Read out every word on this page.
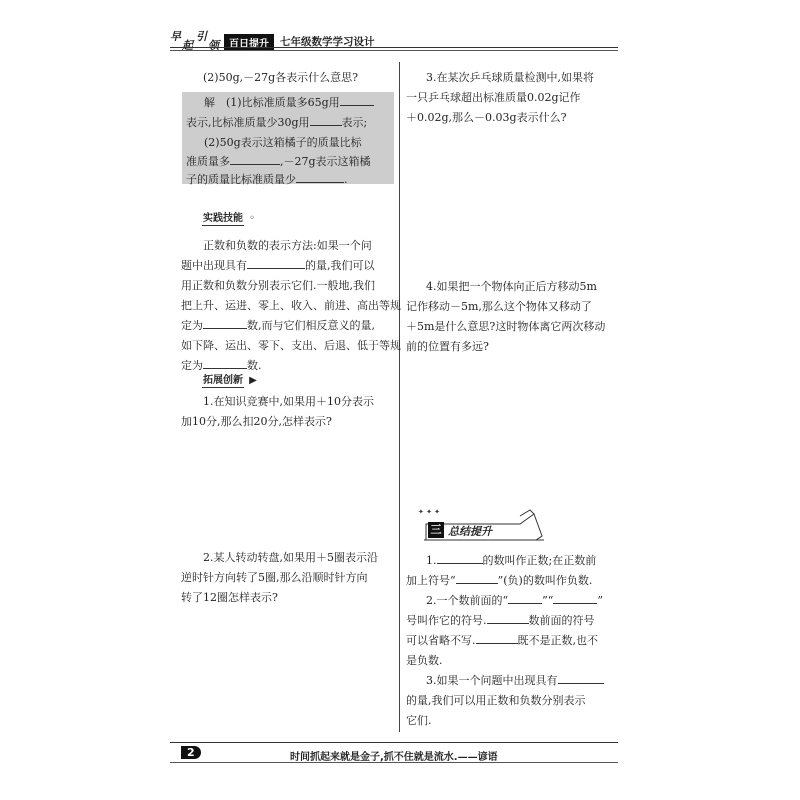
早
起
引
领	百日提升	七年级数学学习设计
(2)50g,－27g各表示什么意思?
解　(1)比标准质量多65g用
表示,比标准质量少30g用	表示;
(2)50g表示这箱橘子的质量比标
准质量多	,－27g表示这箱橘
子的质量比标准质量少	.
实践技能 ◦
正数和负数的表示方法:如果一个问
题中出现具有	的量,我们可以
用正数和负数分别表示它们.一般地,我们
把上升、运进、零上、收入、前进、高出等规
定为	数,而与它们相反意义的量,
如下降、运出、零下、支出、后退、低于等规
定为	数.
拓展创新 ▶
1.在知识竞赛中,如果用＋10分表示
加10分,那么扣20分,怎样表示?
2.某人转动转盘,如果用＋5圈表示沿
逆时针方向转了5圈,那么沿顺时针方向
转了12圈怎样表示?
3.在某次乒乓球质量检测中,如果将
一只乒乓球超出标准质量0.02g记作
＋0.02g,那么－0.03g表示什么?
4.如果把一个物体向正后方移动5m
记作移动－5m,那么这个物体又移动了
＋5m是什么意思?这时物体离它两次移动
前的位置有多远?
✦ ✦ ✦
三 总结提升
1.	的数叫作正数;在正数前
加上符号“	”(负)的数叫作负数.
2.一个数前面的“	”“	”
号叫作它的符号.	数前面的符号
可以省略不写.	既不是正数,也不
是负数.
3.如果一个问题中出现具有
的量,我们可以用正数和负数分别表示
它们.
2	时间抓起来就是金子,抓不住就是流水.——谚语
